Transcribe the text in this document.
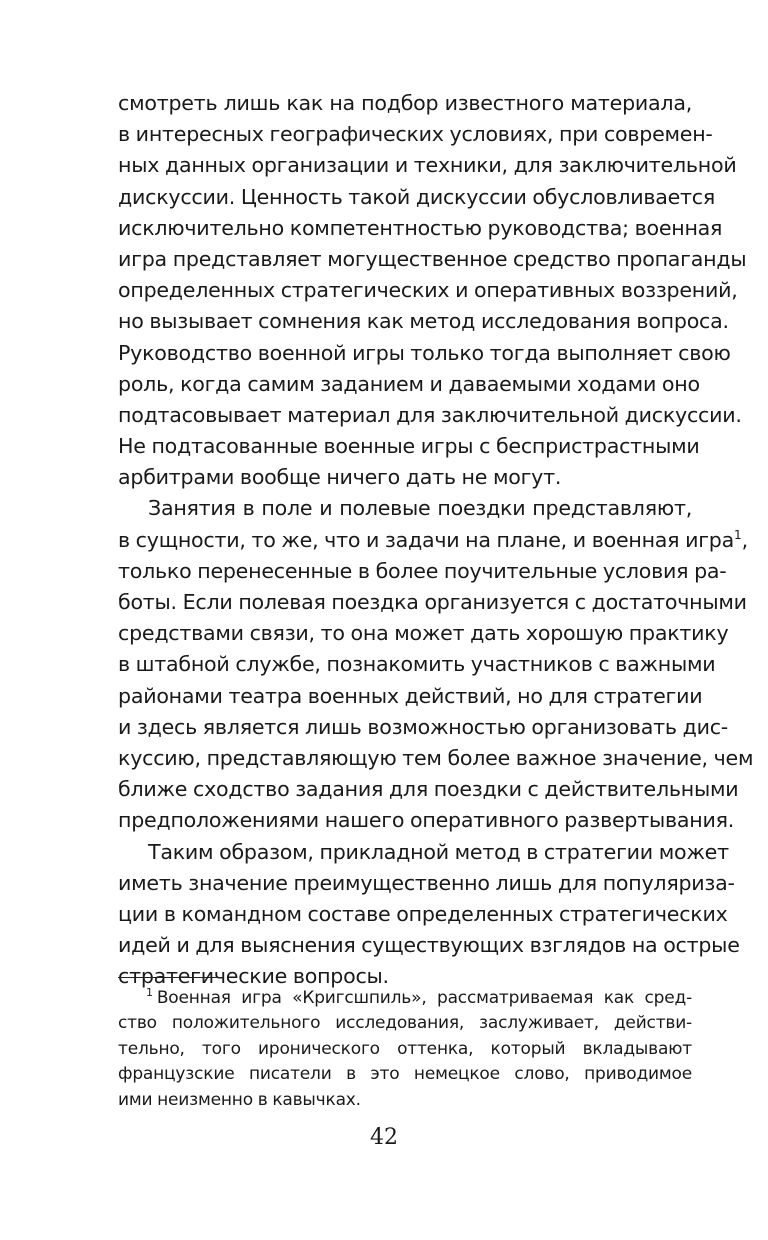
смотреть лишь как на подбор известного материала,
в интересных географических условиях, при современ-
ных данных организации и техники, для заключительной
дискуссии. Ценность такой дискуссии обусловливается
исключительно компетентностью руководства; военная
игра представляет могущественное средство пропаганды
определенных стратегических и оперативных воззрений,
но вызывает сомнения как метод исследования вопроса.
Руководство военной игры только тогда выполняет свою
роль, когда самим заданием и даваемыми ходами оно
подтасовывает материал для заключительной дискуссии.
Не подтасованные военные игры с беспристрастными
арбитрами вообще ничего дать не могут.
Занятия в поле и полевые поездки представляют,
в сущности, то же, что и задачи на плане, и военная игра$^1$,
только перенесенные в более поучительные условия ра-
боты. Если полевая поездка организуется с достаточными
средствами связи, то она может дать хорошую практику
в штабной службе, познакомить участников с важными
районами театра военных действий, но для стратегии
и здесь является лишь возможностью организовать дис-
куссию, представляющую тем более важное значение, чем
ближе сходство задания для поездки с действительными
предположениями нашего оперативного развертывания.
Таким образом, прикладной метод в стратегии может
иметь значение преимущественно лишь для популяриза-
ции в командном составе определенных стратегических
идей и для выяснения существующих взглядов на острые
стратегические вопросы.
$^1$ Военная игра «Кригсшпиль», рассматриваемая как сред-
ство положительного исследования, заслуживает, действи-
тельно, того иронического оттенка, который вкладывают
французские писатели в это немецкое слово, приводимое
ими неизменно в кавычках.
42
